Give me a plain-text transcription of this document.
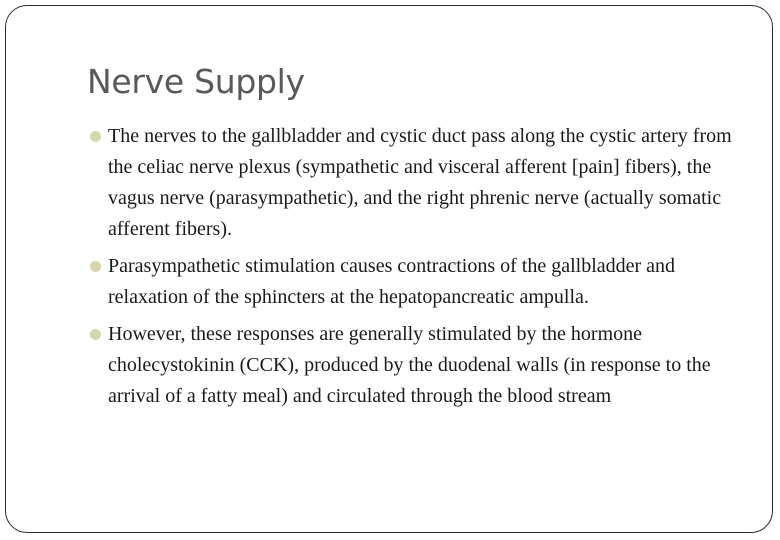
Nerve Supply
The nerves to the gallbladder and cystic duct pass along the cystic artery from the celiac nerve plexus (sympathetic and visceral afferent [pain] fibers), the vagus nerve (parasympathetic), and the right phrenic nerve (actually somatic afferent fibers).
Parasympathetic stimulation causes contractions of the gallbladder and relaxation of the sphincters at the hepatopancreatic ampulla.
However, these responses are generally stimulated by the hormone cholecystokinin (CCK), produced by the duodenal walls (in response to the arrival of a fatty meal) and circulated through the blood stream
